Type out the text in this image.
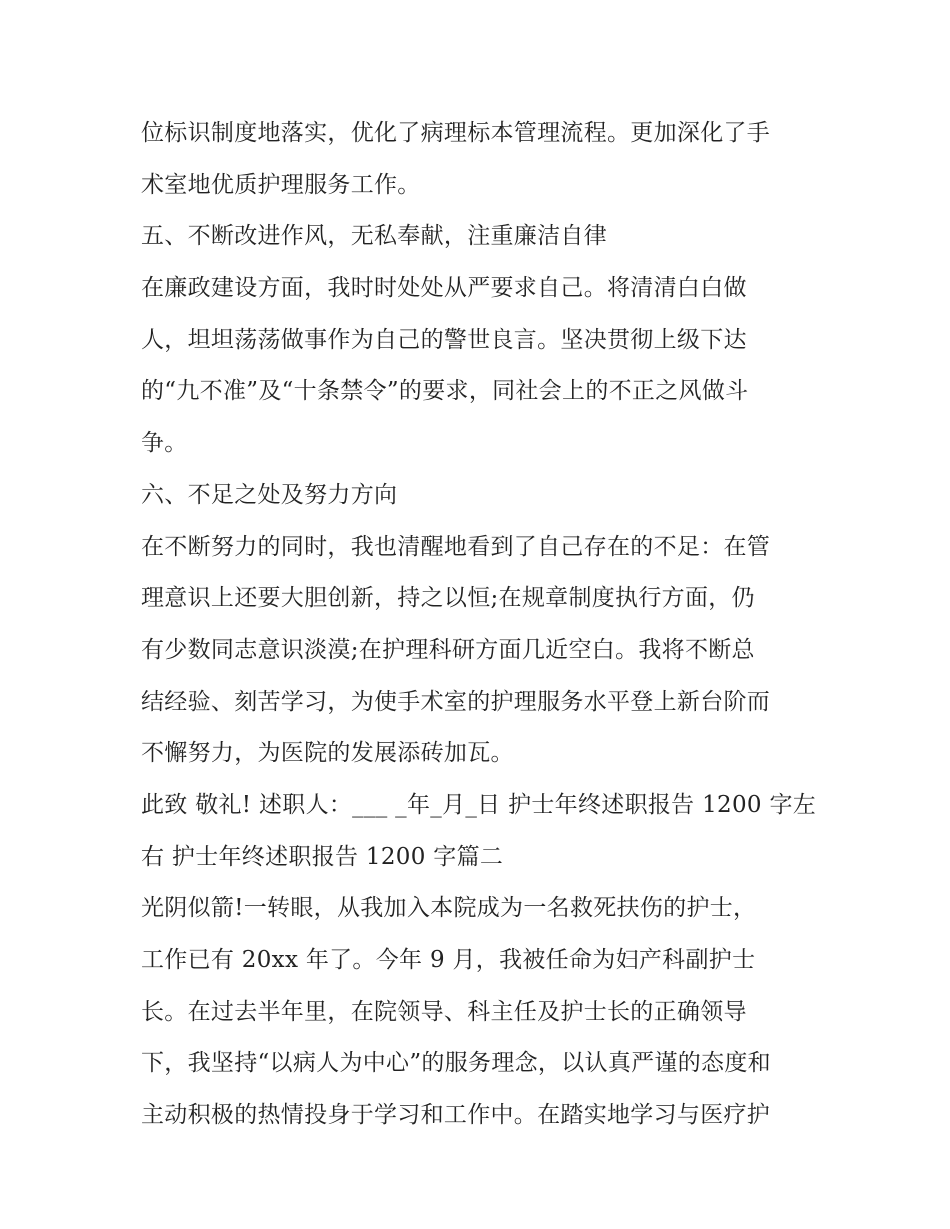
位标识制度地落实，优化了病理标本管理流程。更加深化了手
术室地优质护理服务工作。
五、不断改进作风，无私奉献，注重廉洁自律
在廉政建设方面，我时时处处从严要求自己。将清清白白做
人，坦坦荡荡做事作为自己的警世良言。坚决贯彻上级下达
的“九不准”及“十条禁令”的要求，同社会上的不正之风做斗
争。
六、不足之处及努力方向
在不断努力的同时，我也清醒地看到了自己存在的不足：在管
理意识上还要大胆创新，持之以恒;在规章制度执行方面，仍
有少数同志意识淡漠;在护理科研方面几近空白。我将不断总
结经验、刻苦学习，为使手术室的护理服务水平登上新台阶而
不懈努力，为医院的发展添砖加瓦。
此致 敬礼! 述职人：___ _年_月_日 护士年终述职报告 1200 字左
右 护士年终述职报告 1200 字篇二
光阴似箭!一转眼，从我加入本院成为一名救死扶伤的护士，
工作已有 20xx 年了。今年 9 月，我被任命为妇产科副护士
长。在过去半年里，在院领导、科主任及护士长的正确领导
下，我坚持“以病人为中心”的服务理念，以认真严谨的态度和
主动积极的热情投身于学习和工作中。在踏实地学习与医疗护
